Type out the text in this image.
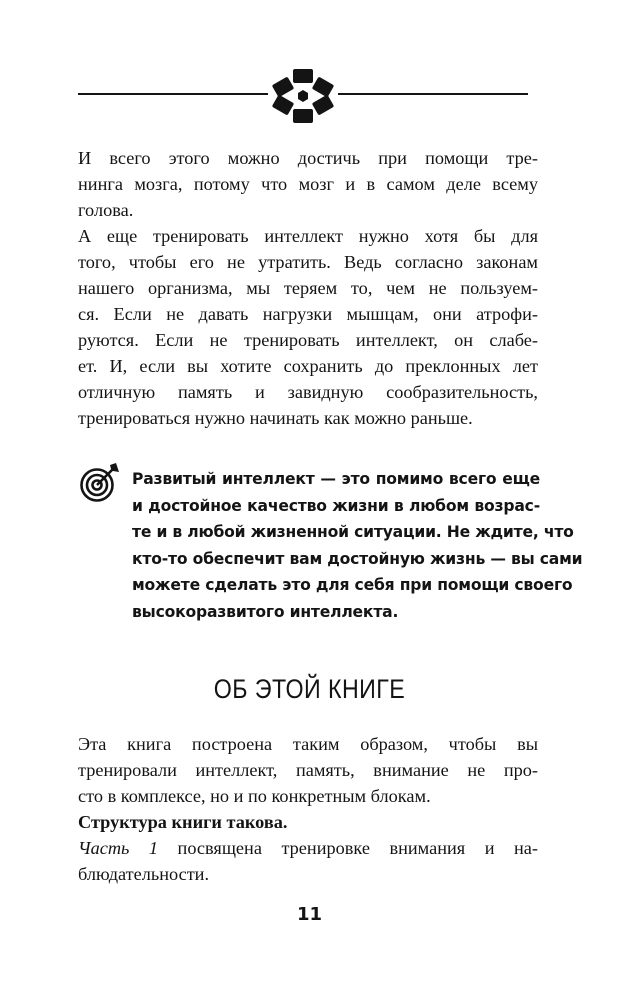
И всего этого можно достичь при помощи тре-
нинга мозга, потому что мозг и в самом деле всему
голова.

А еще тренировать интеллект нужно хотя бы для
того, чтобы его не утратить. Ведь согласно законам
нашего организма, мы теряем то, чем не пользуем-
ся. Если не давать нагрузки мышцам, они атрофи-
руются. Если не тренировать интеллект, он слабе-
ет. И, если вы хотите сохранить до преклонных лет
отличную память и завидную сообразительность,
тренироваться нужно начинать как можно раньше.

Развитый интеллект — это помимо всего еще
и достойное качество жизни в любом возрас-
те и в любой жизненной ситуации. Не ждите, что
кто-то обеспечит вам достойную жизнь — вы сами
можете сделать это для себя при помощи своего
высокоразвитого интеллекта.
ОБ ЭТОЙ КНИГЕ

Эта книга построена таким образом, чтобы вы
тренировали интеллект, память, внимание не про-
сто в комплексе, но и по конкретным блокам.

Структура книги такова.

Часть 1 посвящена тренировке внимания и на-
блюдательности.

11
